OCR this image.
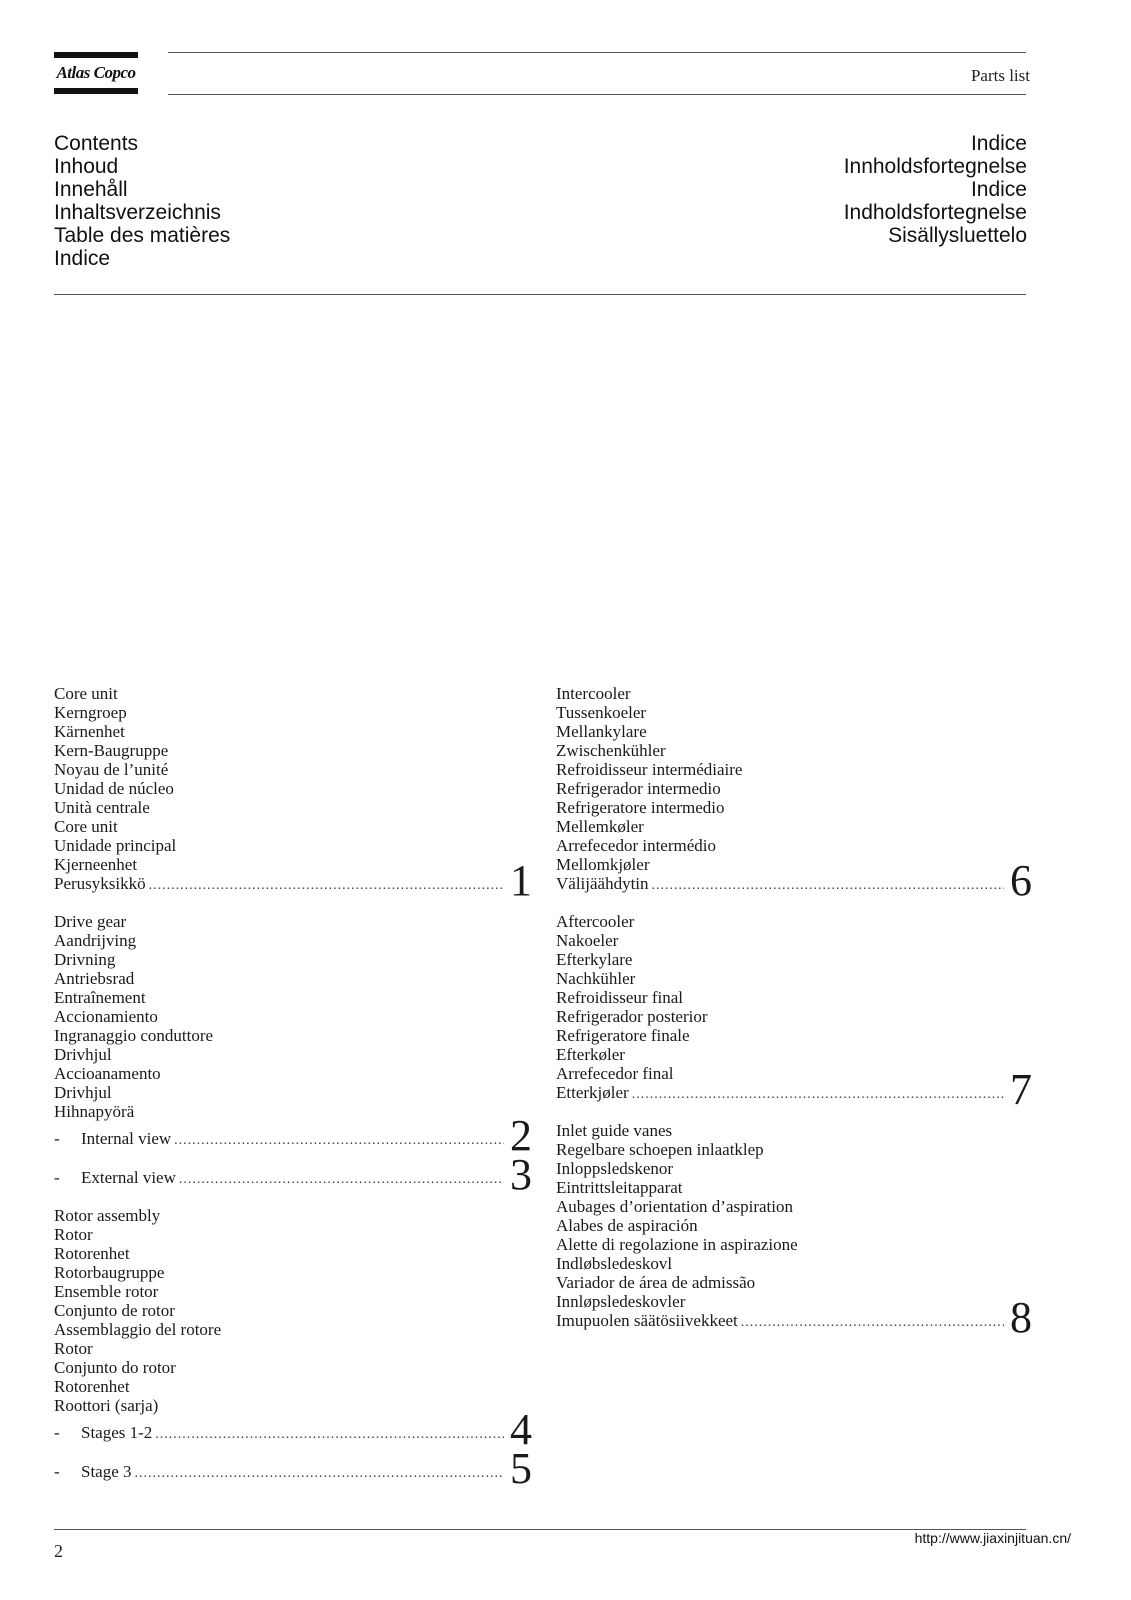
Atlas Copco	Parts list
Contents
Inhoud
Innehåll
Inhaltsverzeichnis
Table des matières
Indice
Indice
Innholdsfortegnelse
Indice
Indholdsfortegnelse
Sisällysluettelo
Core unit
Kerngroep
Kärnenhet
Kern-Baugruppe
Noyau de l’unité
Unidad de núcleo
Unità centrale
Core unit
Unidade principal
Kjerneenhet
Perusyksikkö .....	1
Drive gear
Aandrijving
Drivning
Antriebsrad
Entraînement
Accionamiento
Ingranaggio conduttore
Drivhjul
Accioanamento
Drivhjul
Hihnapyörä
-	Internal view .....	2
-	External view .....	3
Rotor assembly
Rotor
Rotorenhet
Rotorbaugruppe
Ensemble rotor
Conjunto de rotor
Assemblaggio del rotore
Rotor
Conjunto do rotor
Rotorenhet
Roottori (sarja)
-	Stages 1-2 .....	4
-	Stage 3 .....	5
Intercooler
Tussenkoeler
Mellankylare
Zwischenkühler
Refroidisseur intermédiaire
Refrigerador intermedio
Refrigeratore intermedio
Mellemkøler
Arrefecedor intermédio
Mellomkjøler
Välijäähdytin .....	6
Aftercooler
Nakoeler
Efterkylare
Nachkühler
Refroidisseur final
Refrigerador posterior
Refrigeratore finale
Efterkøler
Arrefecedor final
Etterkjøler .....	7
Inlet guide vanes
Regelbare schoepen inlaatklep
Inloppsledskenor
Eintrittsleitapparat
Aubages d’orientation d’aspiration
Alabes de aspiración
Alette di regolazione in aspirazione
Indløbsledeskovl
Variador de área de admissão
Innløpsledeskovler
Imupuolen säätösiivekkeet .....	8
2
http://www.jiaxinjituan.cn/
